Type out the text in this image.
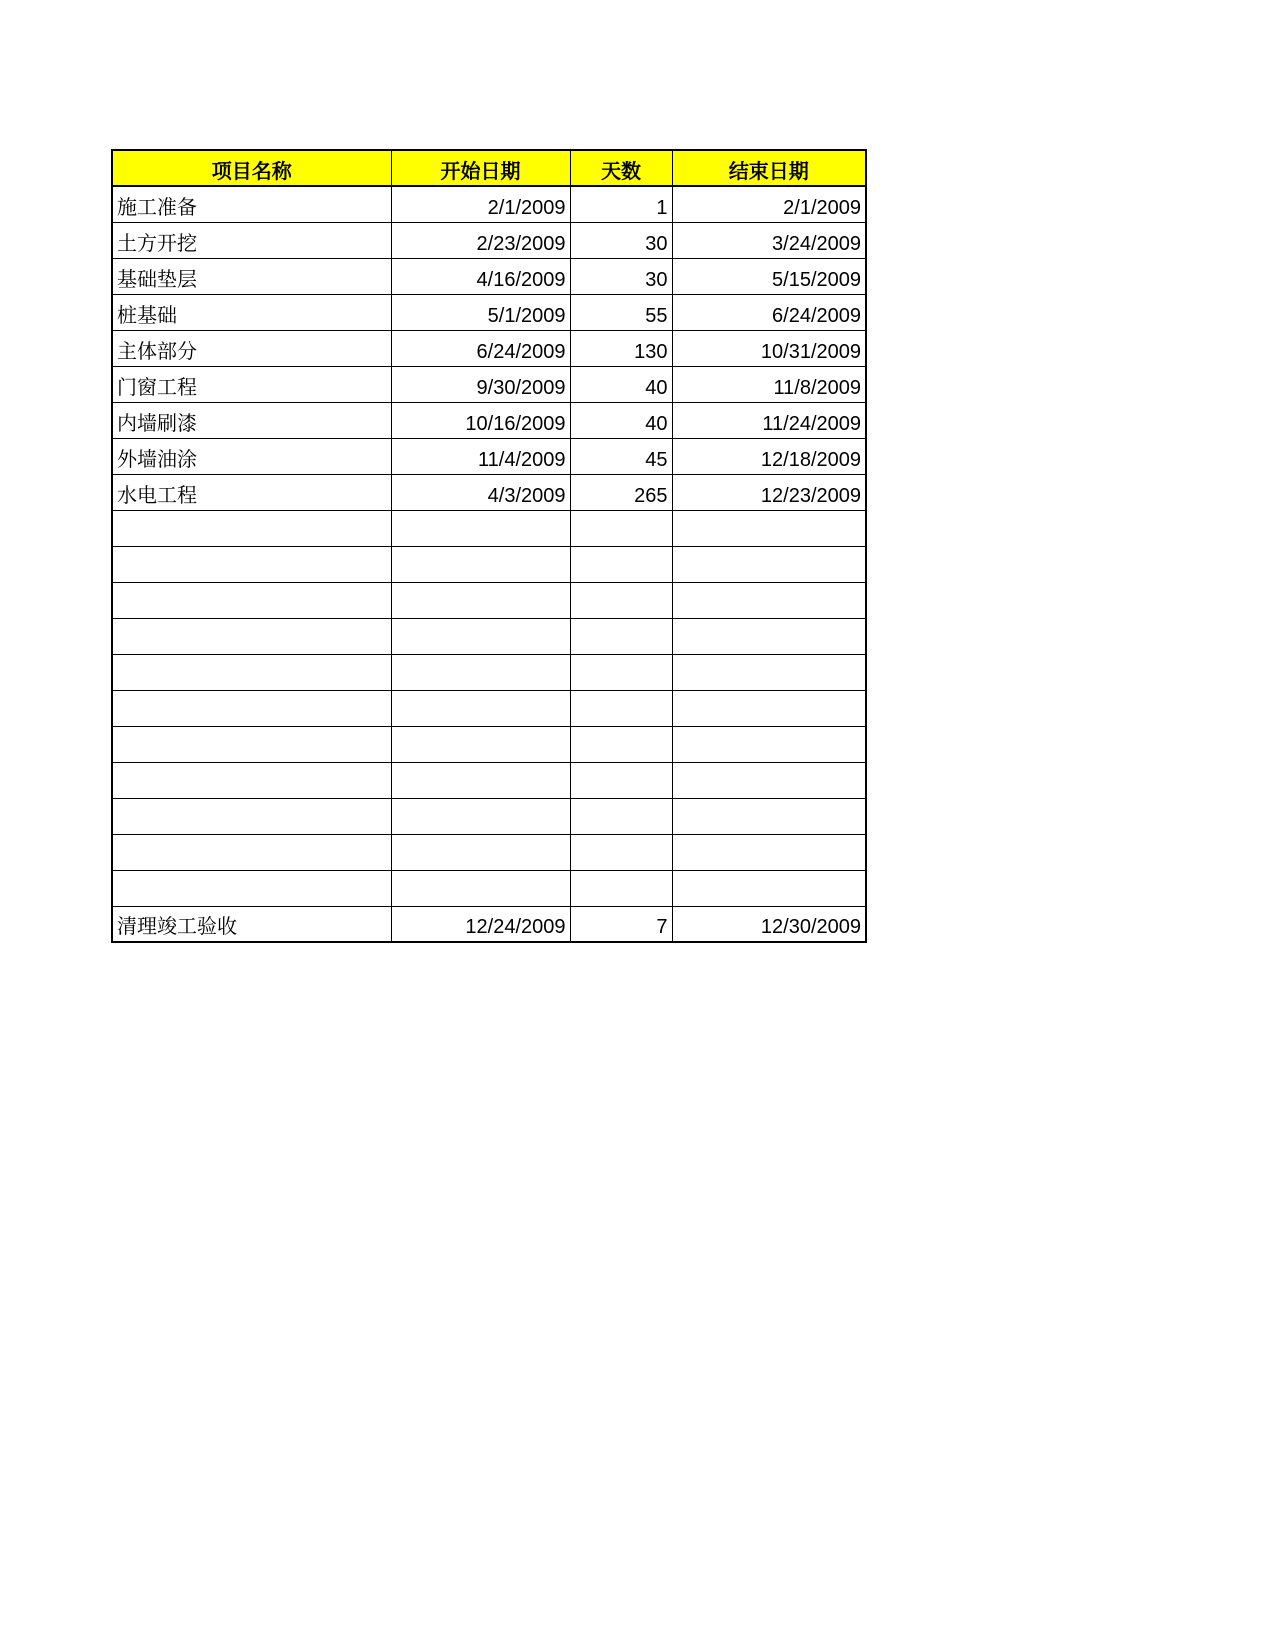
项目名称	开始日期	天数	结束日期
施工准备	2/1/2009	1	2/1/2009
土方开挖	2/23/2009	30	3/24/2009
基础垫层	4/16/2009	30	5/15/2009
桩基础	5/1/2009	55	6/24/2009
主体部分	6/24/2009	130	10/31/2009
门窗工程	9/30/2009	40	11/8/2009
内墙刷漆	10/16/2009	40	11/24/2009
外墙油涂	11/4/2009	45	12/18/2009
水电工程	4/3/2009	265	12/23/2009

清理竣工验收	12/24/2009	7	12/30/2009
